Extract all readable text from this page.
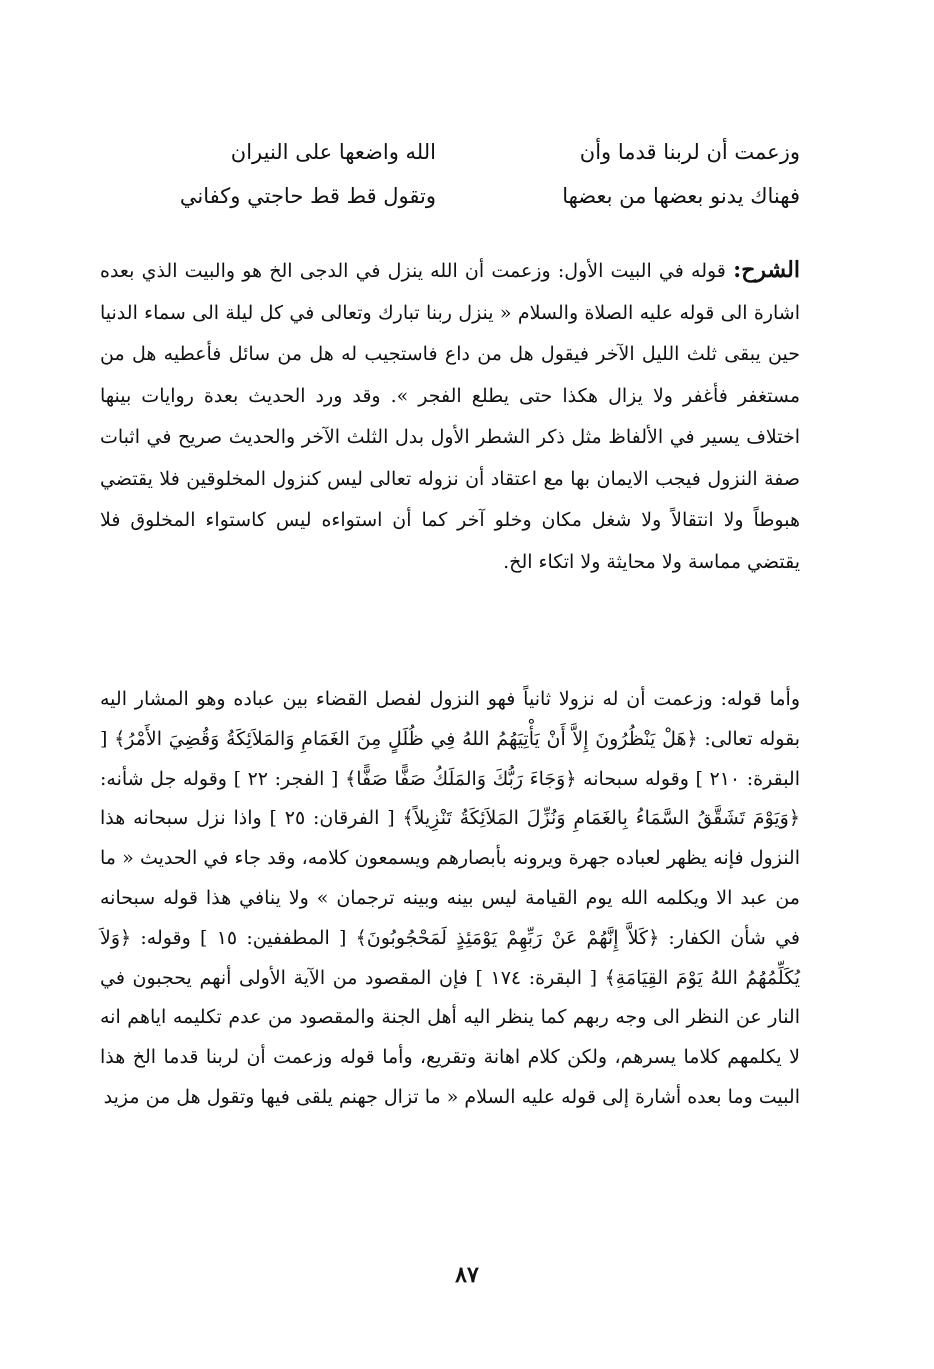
وزعمت أن لربنا قدما وأن
الله واضعها على النيران
فهناك يدنو بعضها من بعضها
وتقول قط قط حاجتي وكفاني

الشرح: قوله في البيت الأول: وزعمت أن الله ينزل في الدجى الخ هو والبيت الذي بعده اشارة الى قوله عليه الصلاة والسلام « ينزل ربنا تبارك وتعالى في كل ليلة الى سماء الدنيا حين يبقى ثلث الليل الآخر فيقول هل من داع فاستجيب له هل من سائل فأعطيه هل من مستغفر فأغفر ولا يزال هكذا حتى يطلع الفجر ». وقد ورد الحديث بعدة روايات بينها اختلاف يسير في الألفاظ مثل ذكر الشطر الأول بدل الثلث الآخر والحديث صريح في اثبات صفة النزول فيجب الايمان بها مع اعتقاد أن نزوله تعالى ليس كنزول المخلوقين فلا يقتضي هبوطاً ولا انتقالاً ولا شغل مكان وخلو آخر كما أن استواءه ليس كاستواء المخلوق فلا يقتضي مماسة ولا محايثة ولا اتكاء الخ.

وأما قوله: وزعمت أن له نزولا ثانياً فهو النزول لفصل القضاء بين عباده وهو المشار اليه بقوله تعالى: ﴿هَلْ يَنْظُرُونَ إِلاَّ أَنْ يَأْتِيَهُمُ اللهُ فِي ظُلَلٍ مِنَ الغَمَامِ وَالمَلاَئِكَةُ وَقُضِيَ الأَمْرُ﴾ [ البقرة: ٢١٠ ] وقوله سبحانه ﴿وَجَاءَ رَبُّكَ وَالمَلَكُ صَفًّا صَفًّا﴾ [ الفجر: ٢٢ ] وقوله جل شأنه: ﴿وَيَوْمَ تَشَقَّقُ السَّمَاءُ بِالغَمَامِ وَنُزِّلَ المَلاَئِكَةُ تَنْزِيلاً﴾ [ الفرقان: ٢٥ ] واذا نزل سبحانه هذا النزول فإنه يظهر لعباده جهرة ويرونه بأبصارهم ويسمعون كلامه، وقد جاء في الحديث « ما من عبد الا ويكلمه الله يوم القيامة ليس بينه وبينه ترجمان » ولا ينافي هذا قوله سبحانه في شأن الكفار: ﴿كَلاَّ إِنَّهُمْ عَنْ رَبِّهِمْ يَوْمَئِذٍ لَمَحْجُوبُونَ﴾ [ المطففين: ١٥ ] وقوله: ﴿وَلاَ يُكَلِّمُهُمُ اللهُ يَوْمَ القِيَامَةِ﴾ [ البقرة: ١٧٤ ] فإن المقصود من الآية الأولى أنهم يحجبون في النار عن النظر الى وجه ربهم كما ينظر اليه أهل الجنة والمقصود من عدم تكليمه اياهم انه لا يكلمهم كلاما يسرهم، ولكن كلام اهانة وتقريع، وأما قوله وزعمت أن لربنا قدما الخ هذا البيت وما بعده أشارة إلى قوله عليه السلام « ما تزال جهنم يلقى فيها وتقول هل من مزيد

٨٧
